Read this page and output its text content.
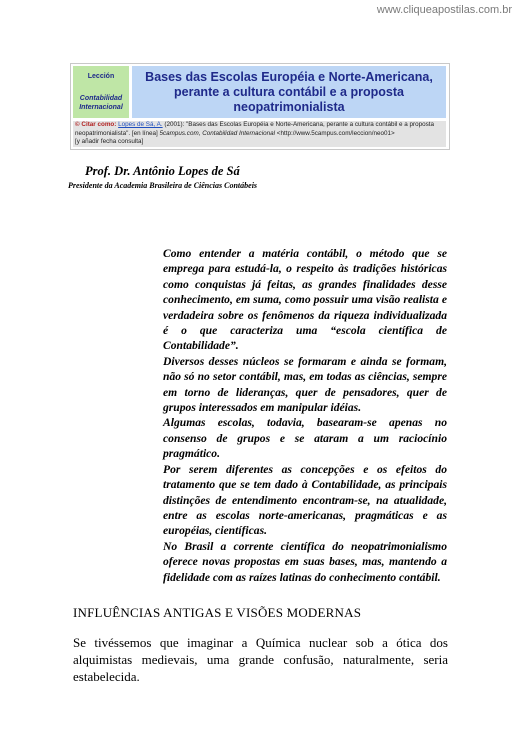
www.cliqueapostilas.com.br
Lección
Contabilidad Internacional
Bases das Escolas Européia e Norte-Americana, perante a cultura contábil e a proposta neopatrimonialista
© Citar como: Lopes de Sá, A. (2001): "Bases das Escolas Européia e Norte-Americana, perante a cultura contábil e a proposta neopatrimonialista". [en línea] 5campus.com, Contabilidad Internacional <http://www.5campus.com/leccion/neo01>
[y añadir fecha consulta]
Prof. Dr. Antônio Lopes de Sá
Presidente da Academia Brasileira de Ciências Contábeis

Como entender a matéria contábil, o método que se emprega para estudá-la, o respeito às tradições históricas como conquistas já feitas, as grandes finalidades desse conhecimento, em suma, como possuir uma visão realista e verdadeira sobre os fenômenos da riqueza individualizada é o que caracteriza uma “escola científica de Contabilidade”.

Diversos desses núcleos se formaram e ainda se formam, não só no setor contábil, mas, em todas as ciências, sempre em torno de lideranças, quer de pensadores, quer de grupos interessados em manipular idéias.

Algumas escolas, todavia, basearam-se apenas no consenso de grupos e se ataram a um raciocínio pragmático.

Por serem diferentes as concepções e os efeitos do tratamento que se tem dado à Contabilidade, as principais distinções de entendimento encontram-se, na atualidade, entre as escolas norte-americanas, pragmáticas e as européias, científicas.

No Brasil a corrente científica do neopatrimonialismo oferece novas propostas em suas bases, mas, mantendo a fidelidade com as raízes latinas do conhecimento contábil.

INFLUÊNCIAS ANTIGAS E VISÕES MODERNAS
Se tivéssemos que imaginar a Química nuclear sob a ótica dos alquimistas medievais, uma grande confusão, naturalmente, seria estabelecida.
